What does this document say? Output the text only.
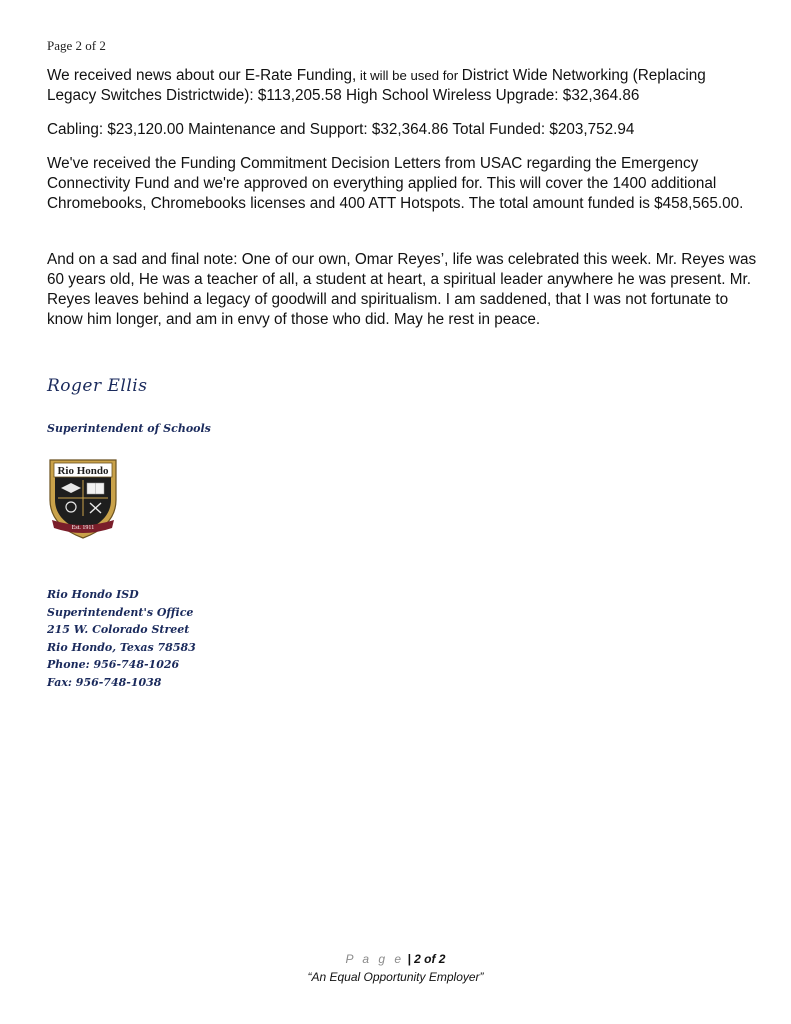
Page 2 of 2

We received news about our E-Rate Funding, it will be used for District Wide Networking (Replacing Legacy Switches Districtwide): $113,205.58 High School Wireless Upgrade: $32,364.86

Cabling: $23,120.00 Maintenance and Support: $32,364.86 Total Funded: $203,752.94

We've received the Funding Commitment Decision Letters from USAC regarding the Emergency Connectivity Fund and we're approved on everything applied for. This will cover the 1400 additional Chromebooks, Chromebooks licenses and 400 ATT Hotspots. The total amount funded is $458,565.00.

And on a sad and final note: One of our own, Omar Reyes’, life was celebrated this week. Mr. Reyes was 60 years old, He was a teacher of all, a student at heart, a spiritual leader anywhere he was present. Mr. Reyes leaves behind a legacy of goodwill and spiritualism. I am saddened, that I was not fortunate to know him longer, and am in envy of those who did. May he rest in peace.

Roger Ellis
Superintendent of Schools
Rio Hondo
Est. 1911
Rio Hondo ISD
Superintendent's Office
215 W. Colorado Street
Rio Hondo, Texas 78583
Phone: 956-748-1026
Fax: 956-748-1038
P a g e | 2 of 2
“An Equal Opportunity Employer”
